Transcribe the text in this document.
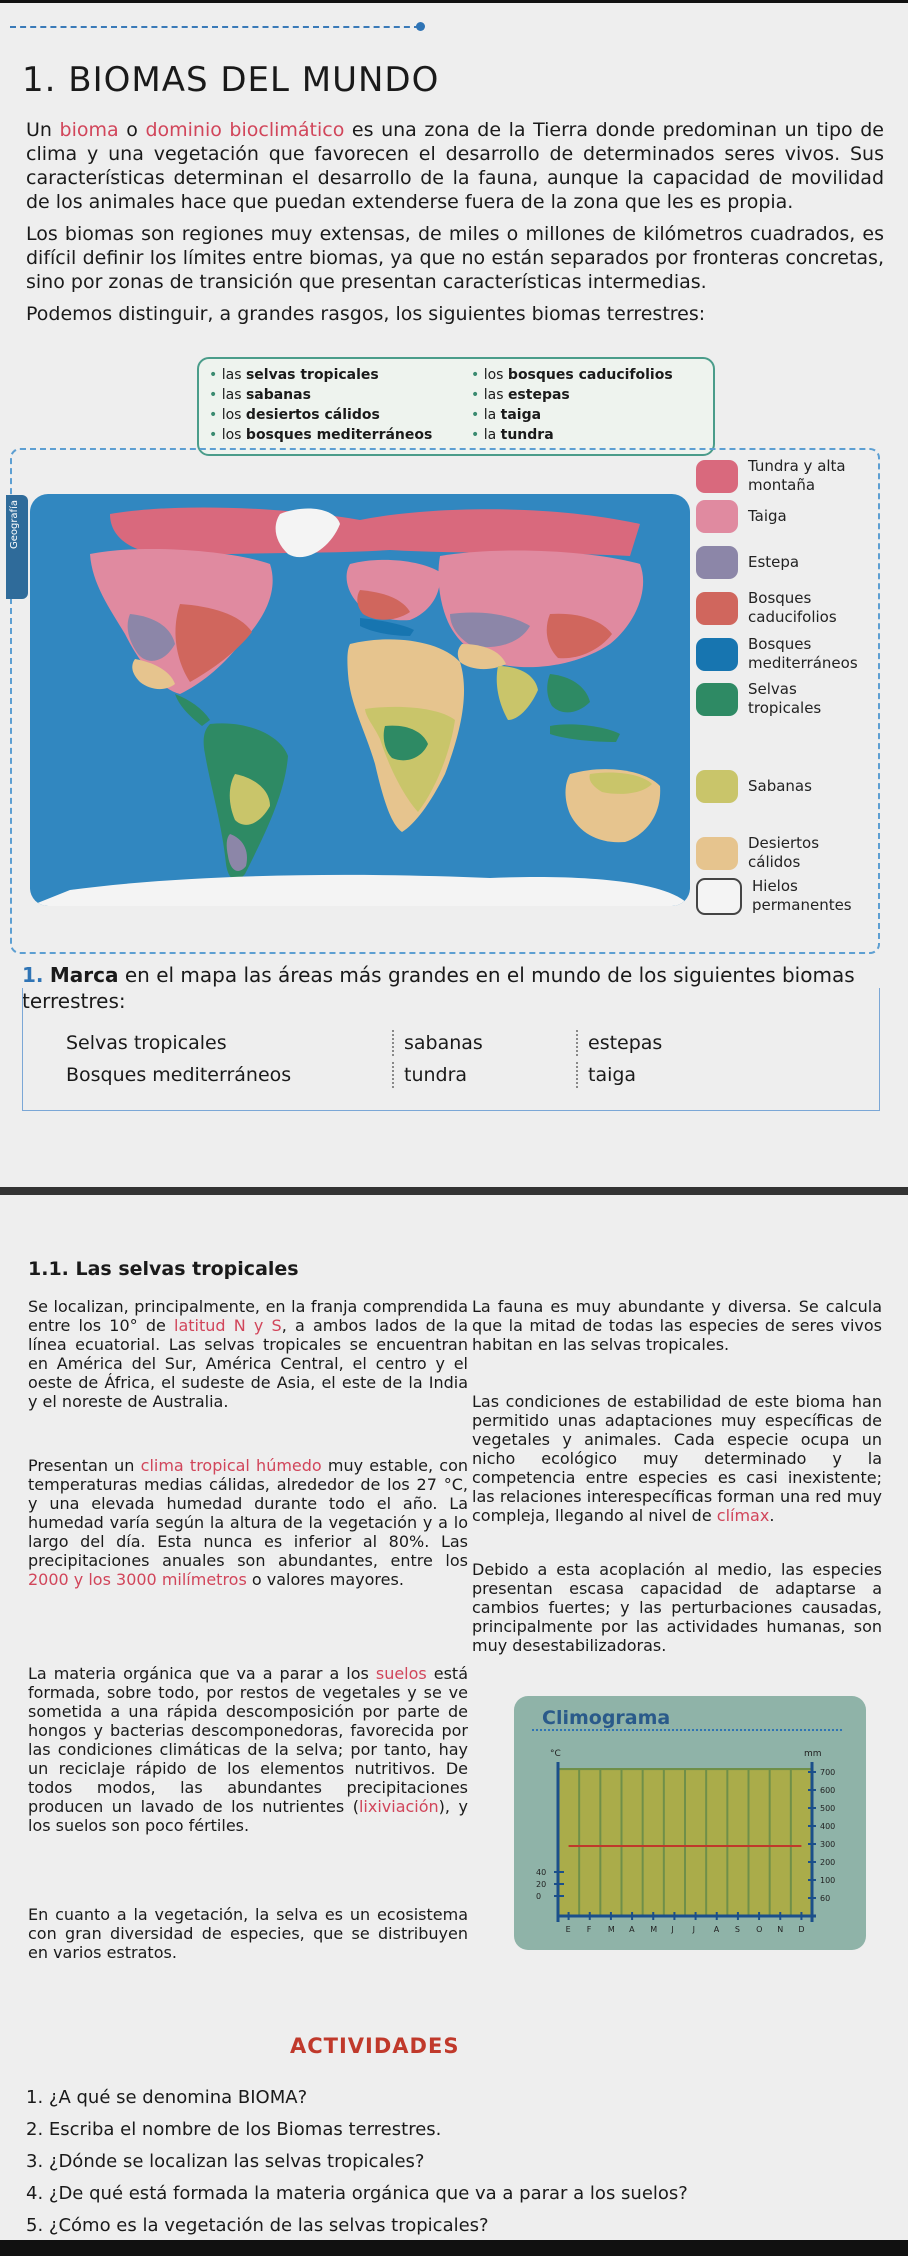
1. BIOMAS DEL MUNDO

Un bioma o dominio bioclimático es una zona de la Tierra donde predominan un tipo de clima y una vegetación que favorecen el desarrollo de determinados seres vivos. Sus características determinan el desarrollo de la fauna, aunque la capacidad de movilidad de los animales hace que puedan extenderse fuera de la zona que les es propia.

Los biomas son regiones muy extensas, de miles o millones de kilómetros cuadrados, es difícil definir los límites entre biomas, ya que no están separados por fronteras concretas, sino por zonas de transición que presentan características intermedias.

Podemos distinguir, a grandes rasgos, los siguientes biomas terrestres:

• las selvas tropicales
• las sabanas
• los desiertos cálidos
• los bosques mediterráneos
• los bosques caducifolios
• las estepas
• la taiga
• la tundra
Geografía
Tundra y alta montaña
Taiga
Estepa
Bosques caducifolios
Bosques mediterráneos
Selvas tropicales
Sabanas
Desiertos cálidos
Hielos permanentes
1. Marca en el mapa las áreas más grandes en el mundo de los siguientes biomas terrestres:
Selvas tropicales	sabanas	estepas
Bosques mediterráneos	tundra	taiga
1.1. Las selvas tropicales
Se localizan, principalmente, en la franja comprendida entre los 10° de latitud N y S, a ambos lados de la línea ecuatorial. Las selvas tropicales se encuentran en América del Sur, América Central, el centro y el oeste de África, el sudeste de Asia, el este de la India y el noreste de Australia.
Presentan un clima tropical húmedo muy estable, con temperaturas medias cálidas, alrededor de los 27 °C, y una elevada humedad durante todo el año. La humedad varía según la altura de la vegetación y a lo largo del día. Esta nunca es inferior al 80%. Las precipitaciones anuales son abundantes, entre los 2000 y los 3000 milímetros o valores mayores.
La materia orgánica que va a parar a los suelos está formada, sobre todo, por restos de vegetales y se ve sometida a una rápida descomposición por parte de hongos y bacterias descomponedoras, favorecida por las condiciones climáticas de la selva; por tanto, hay un reciclaje rápido de los elementos nutritivos. De todos modos, las abundantes precipitaciones producen un lavado de los nutrientes (lixiviación), y los suelos son poco fértiles.
En cuanto a la vegetación, la selva es un ecosistema con gran diversidad de especies, que se distribuyen en varios estratos.
La fauna es muy abundante y diversa. Se calcula que la mitad de todas las especies de seres vivos habitan en las selvas tropicales.
Las condiciones de estabilidad de este bioma han permitido unas adaptaciones muy específicas de vegetales y animales. Cada especie ocupa un nicho ecológico muy determinado y la competencia entre especies es casi inexistente; las relaciones interespecíficas forman una red muy compleja, llegando al nivel de clímax.
Debido a esta acoplación al medio, las especies presentan escasa capacidad de adaptarse a cambios fuertes; y las perturbaciones causadas, principalmente por las actividades humanas, son muy desestabilizadoras.
Climograma
°C	mm
700
600
500
400
300
200
100
60
40
20
0
E F M A M J J A S O N D
ACTIVIDADES
1. ¿A qué se denomina BIOMA?
2. Escriba el nombre de los Biomas terrestres.
3. ¿Dónde se localizan las selvas tropicales?
4. ¿De qué está formada la materia orgánica que va a parar a los suelos?
5. ¿Cómo es la vegetación de las selvas tropicales?
